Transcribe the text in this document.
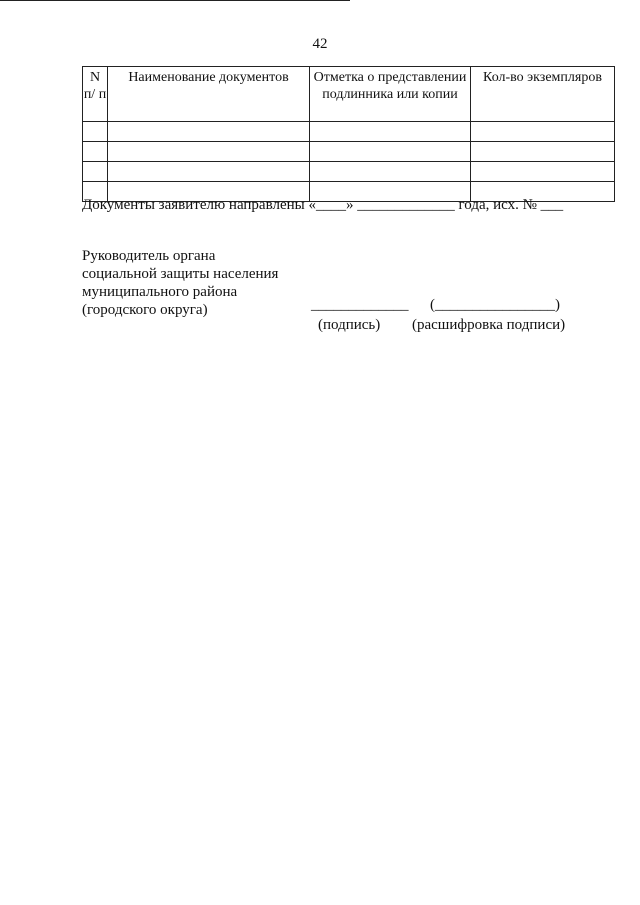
42
N п/ п	Наименование документов	Отметка о представлении подлинника или копии	Кол-во экземпляров

Документы заявителю направлены «____» _____________ года, исх. № ___
Руководитель органа
социальной защиты населения
муниципального района
(городского округа)	_____________ (________________)
(подпись) (расшифровка подписи)
